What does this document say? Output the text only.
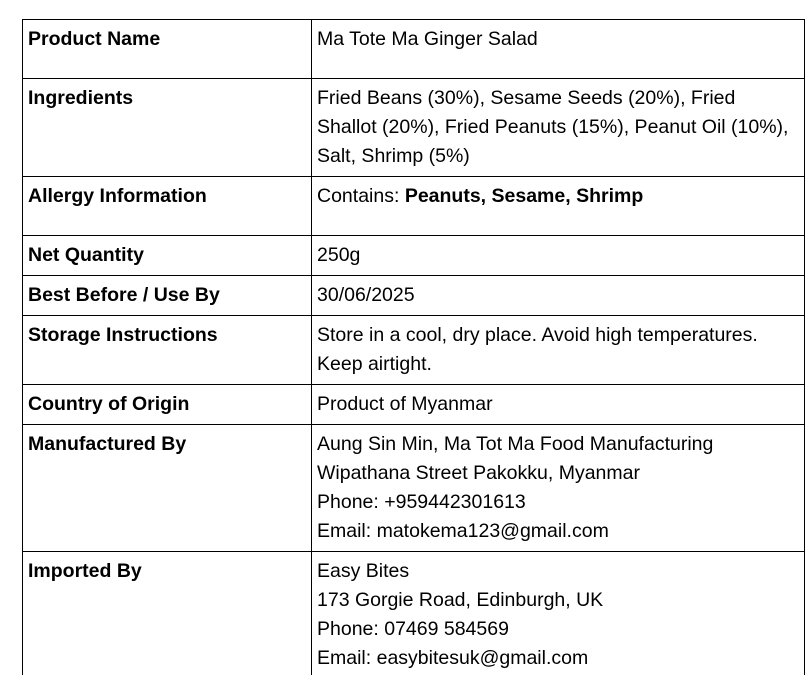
Product Name	Ma Tote Ma Ginger Salad
Ingredients	Fried Beans (30%), Sesame Seeds (20%), Fried Shallot (20%), Fried Peanuts (15%), Peanut Oil (10%), Salt, Shrimp (5%)
Allergy Information	Contains: Peanuts, Sesame, Shrimp
Net Quantity	250g
Best Before / Use By	30/06/2025
Storage Instructions	Store in a cool, dry place. Avoid high temperatures. Keep airtight.
Country of Origin	Product of Myanmar
Manufactured By	Aung Sin Min, Ma Tot Ma Food Manufacturing
Wipathana Street Pakokku, Myanmar
Phone: +959442301613
Email: matokema123@gmail.com

Imported By	Easy Bites
173 Gorgie Road, Edinburgh, UK
Phone: 07469 584569
Email: easybitesuk@gmail.com
